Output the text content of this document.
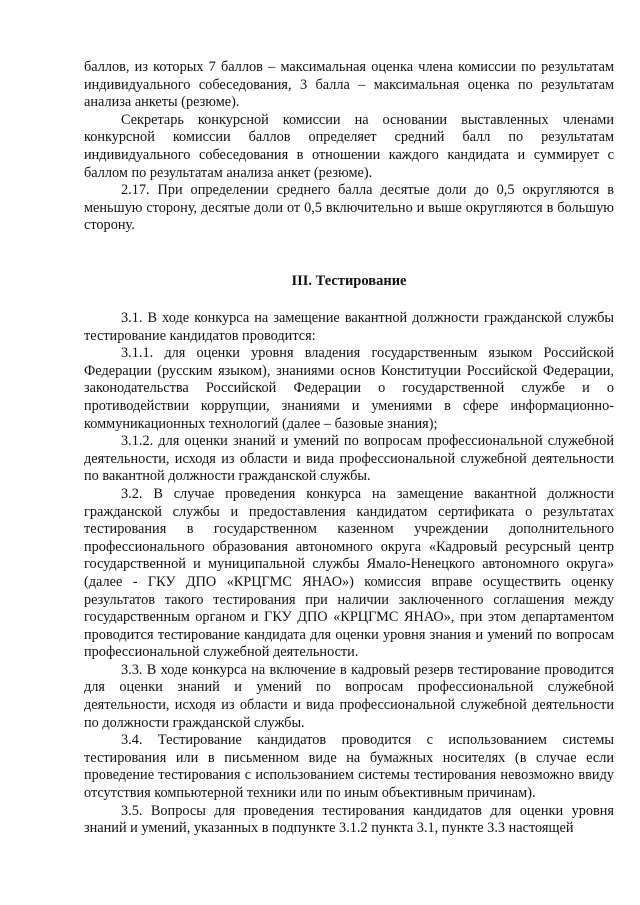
баллов, из которых 7 баллов – максимальная оценка члена комиссии по результатам индивидуального собеседования, 3 балла – максимальная оценка по результатам анализа анкеты (резюме).

Секретарь конкурсной комиссии на основании выставленных членами конкурсной комиссии баллов определяет средний балл по результатам индивидуального собеседования в отношении каждого кандидата и суммирует с баллом по результатам анализа анкет (резюме).

2.17. При определении среднего балла десятые доли до 0,5 округляются в меньшую сторону, десятые доли от 0,5 включительно и выше округляются в большую сторону.

III. Тестирование

3.1. В ходе конкурса на замещение вакантной должности гражданской службы тестирование кандидатов проводится:

3.1.1. для оценки уровня владения государственным языком Российской Федерации (русским языком), знаниями основ Конституции Российской Федерации, законодательства Российской Федерации о государственной службе и о противодействии коррупции, знаниями и умениями в сфере информационно-коммуникационных технологий (далее – базовые знания);

3.1.2. для оценки знаний и умений по вопросам профессиональной служебной деятельности, исходя из области и вида профессиональной служебной деятельности по вакантной должности гражданской службы.

3.2. В случае проведения конкурса на замещение вакантной должности гражданской службы и предоставления кандидатом сертификата о результатах тестирования в государственном казенном учреждении дополнительного профессионального образования автономного округа «Кадровый ресурсный центр государственной и муниципальной службы Ямало-Ненецкого автономного округа» (далее - ГКУ ДПО «КРЦГМС ЯНАО») комиссия вправе осуществить оценку результатов такого тестирования при наличии заключенного соглашения между государственным органом и ГКУ ДПО «КРЦГМС ЯНАО», при этом департаментом проводится тестирование кандидата для оценки уровня знания и умений по вопросам профессиональной служебной деятельности.

3.3. В ходе конкурса на включение в кадровый резерв тестирование проводится для оценки знаний и умений по вопросам профессиональной служебной деятельности, исходя из области и вида профессиональной служебной деятельности по должности гражданской службы.

3.4. Тестирование кандидатов проводится с использованием системы тестирования или в письменном виде на бумажных носителях (в случае если проведение тестирования с использованием системы тестирования невозможно ввиду отсутствия компьютерной техники или по иным объективным причинам).

3.5. Вопросы для проведения тестирования кандидатов для оценки уровня знаний и умений, указанных в подпункте 3.1.2 пункта 3.1, пункте 3.3 настоящей
